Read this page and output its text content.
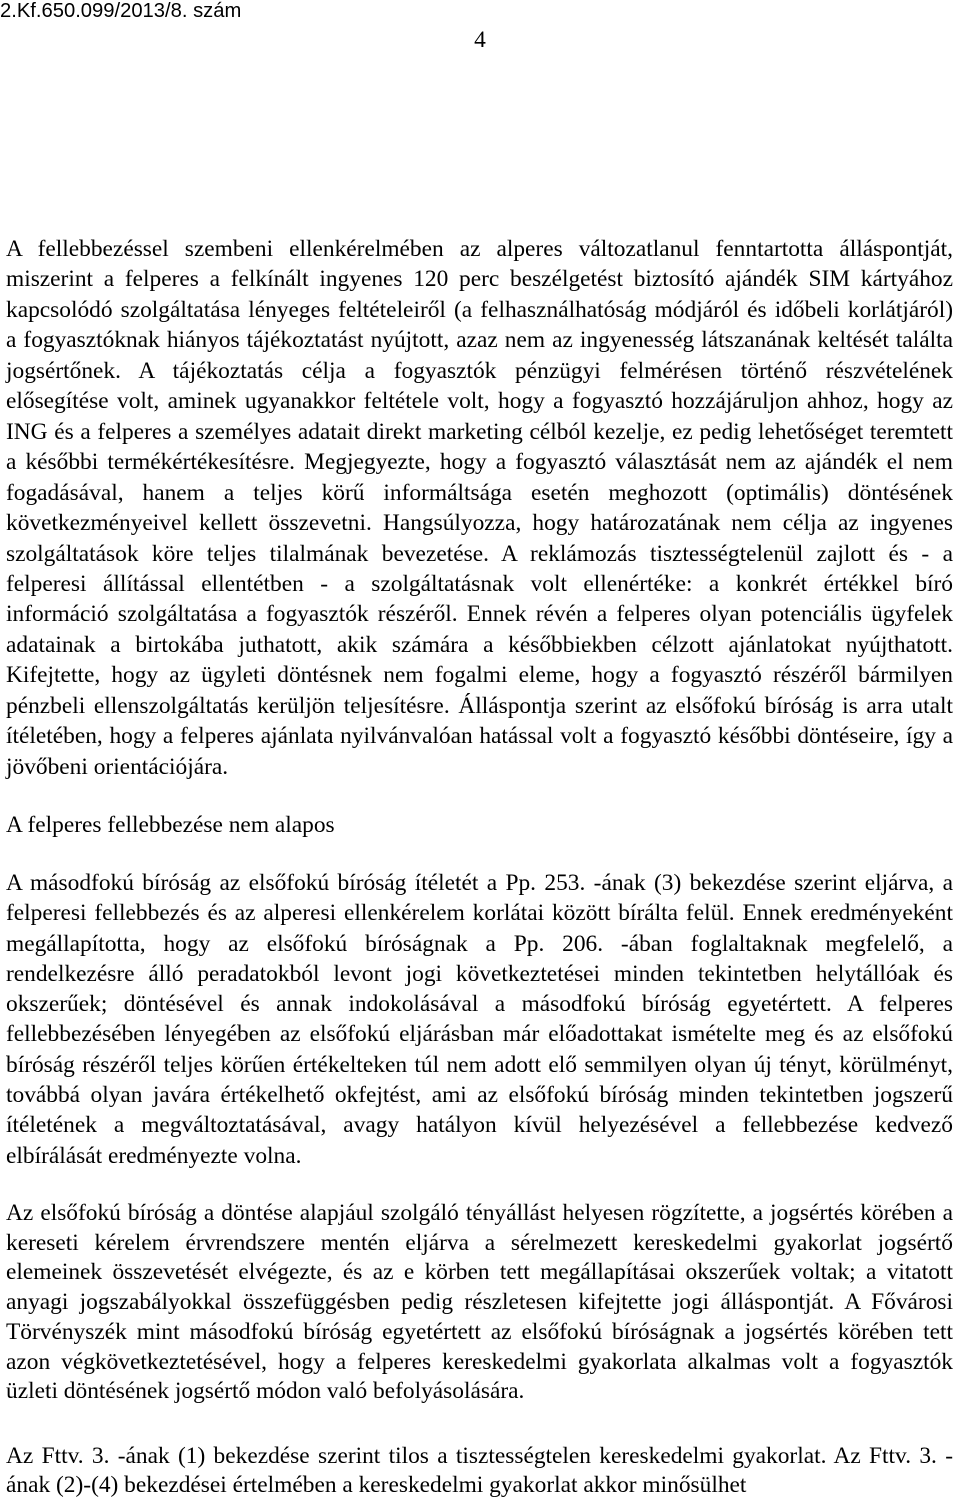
2.Kf.650.099/2013/8. szám
4
A fellebbezéssel szembeni ellenkérelmében az alperes változatlanul fenntartotta álláspontját,
miszerint a felperes a felkínált ingyenes 120 perc beszélgetést biztosító ajándék SIM kártyához
kapcsolódó szolgáltatása lényeges feltételeiről (a felhasználhatóság módjáról és időbeli korlátjáról)
a fogyasztóknak hiányos tájékoztatást nyújtott, azaz nem az ingyenesség látszanának keltését találta
jogsértőnek. A tájékoztatás célja a fogyasztók pénzügyi felmérésen történő részvételének
elősegítése volt, aminek ugyanakkor feltétele volt, hogy a fogyasztó hozzájáruljon ahhoz, hogy az
ING és a felperes a személyes adatait direkt marketing célból kezelje, ez pedig lehetőséget teremtett
a későbbi termékértékesítésre. Megjegyezte, hogy a fogyasztó választását nem az ajándék el nem
fogadásával, hanem a teljes körű informáltsága esetén meghozott (optimális) döntésének
következményeivel kellett összevetni. Hangsúlyozza, hogy határozatának nem célja az ingyenes
szolgáltatások köre teljes tilalmának bevezetése. A reklámozás tisztességtelenül zajlott és - a
felperesi állítással ellentétben - a szolgáltatásnak volt ellenértéke: a konkrét értékkel bíró
információ szolgáltatása a fogyasztók részéről. Ennek révén a felperes olyan potenciális ügyfelek
adatainak a birtokába juthatott, akik számára a későbbiekben célzott ajánlatokat nyújthatott.
Kifejtette, hogy az ügyleti döntésnek nem fogalmi eleme, hogy a fogyasztó részéről bármilyen
pénzbeli ellenszolgáltatás kerüljön teljesítésre. Álláspontja szerint az elsőfokú bíróság is arra utalt
ítéletében, hogy a felperes ajánlata nyilvánvalóan hatással volt a fogyasztó későbbi döntéseire, így a
jövőbeni orientációjára.
A felperes fellebbezése nem alapos
A másodfokú bíróság az elsőfokú bíróság ítéletét a Pp. 253. -ának (3) bekezdése szerint eljárva, a
felperesi fellebbezés és az alperesi ellenkérelem korlátai között bírálta felül. Ennek eredményeként
megállapította, hogy az elsőfokú bíróságnak a Pp. 206. -ában foglaltaknak megfelelő, a
rendelkezésre álló peradatokból levont jogi következtetései minden tekintetben helytállóak és
okszerűek; döntésével és annak indokolásával a másodfokú bíróság egyetértett. A felperes
fellebbezésében lényegében az elsőfokú eljárásban már előadottakat ismételte meg és az elsőfokú
bíróság részéről teljes körűen értékelteken túl nem adott elő semmilyen olyan új tényt, körülményt,
továbbá olyan javára értékelhető okfejtést, ami az elsőfokú bíróság minden tekintetben jogszerű
ítéletének a megváltoztatásával, avagy hatályon kívül helyezésével a fellebbezése kedvező
elbírálását eredményezte volna.
Az elsőfokú bíróság a döntése alapjául szolgáló tényállást helyesen rögzítette, a jogsértés körében a
kereseti kérelem érvrendszere mentén eljárva a sérelmezett kereskedelmi gyakorlat jogsértő
elemeinek összevetését elvégezte, és az e körben tett megállapításai okszerűek voltak; a vitatott
anyagi jogszabályokkal összefüggésben pedig részletesen kifejtette jogi álláspontját. A Fővárosi
Törvényszék mint másodfokú bíróság egyetértett az elsőfokú bíróságnak a jogsértés körében tett
azon végkövetkeztetésével, hogy a felperes kereskedelmi gyakorlata alkalmas volt a fogyasztók
üzleti döntésének jogsértő módon való befolyásolására.
Az Fttv. 3. -ának (1) bekezdése szerint tilos a tisztességtelen kereskedelmi gyakorlat. Az Fttv. 3. -
ának (2)-(4) bekezdései értelmében a kereskedelmi gyakorlat akkor minősülhet
